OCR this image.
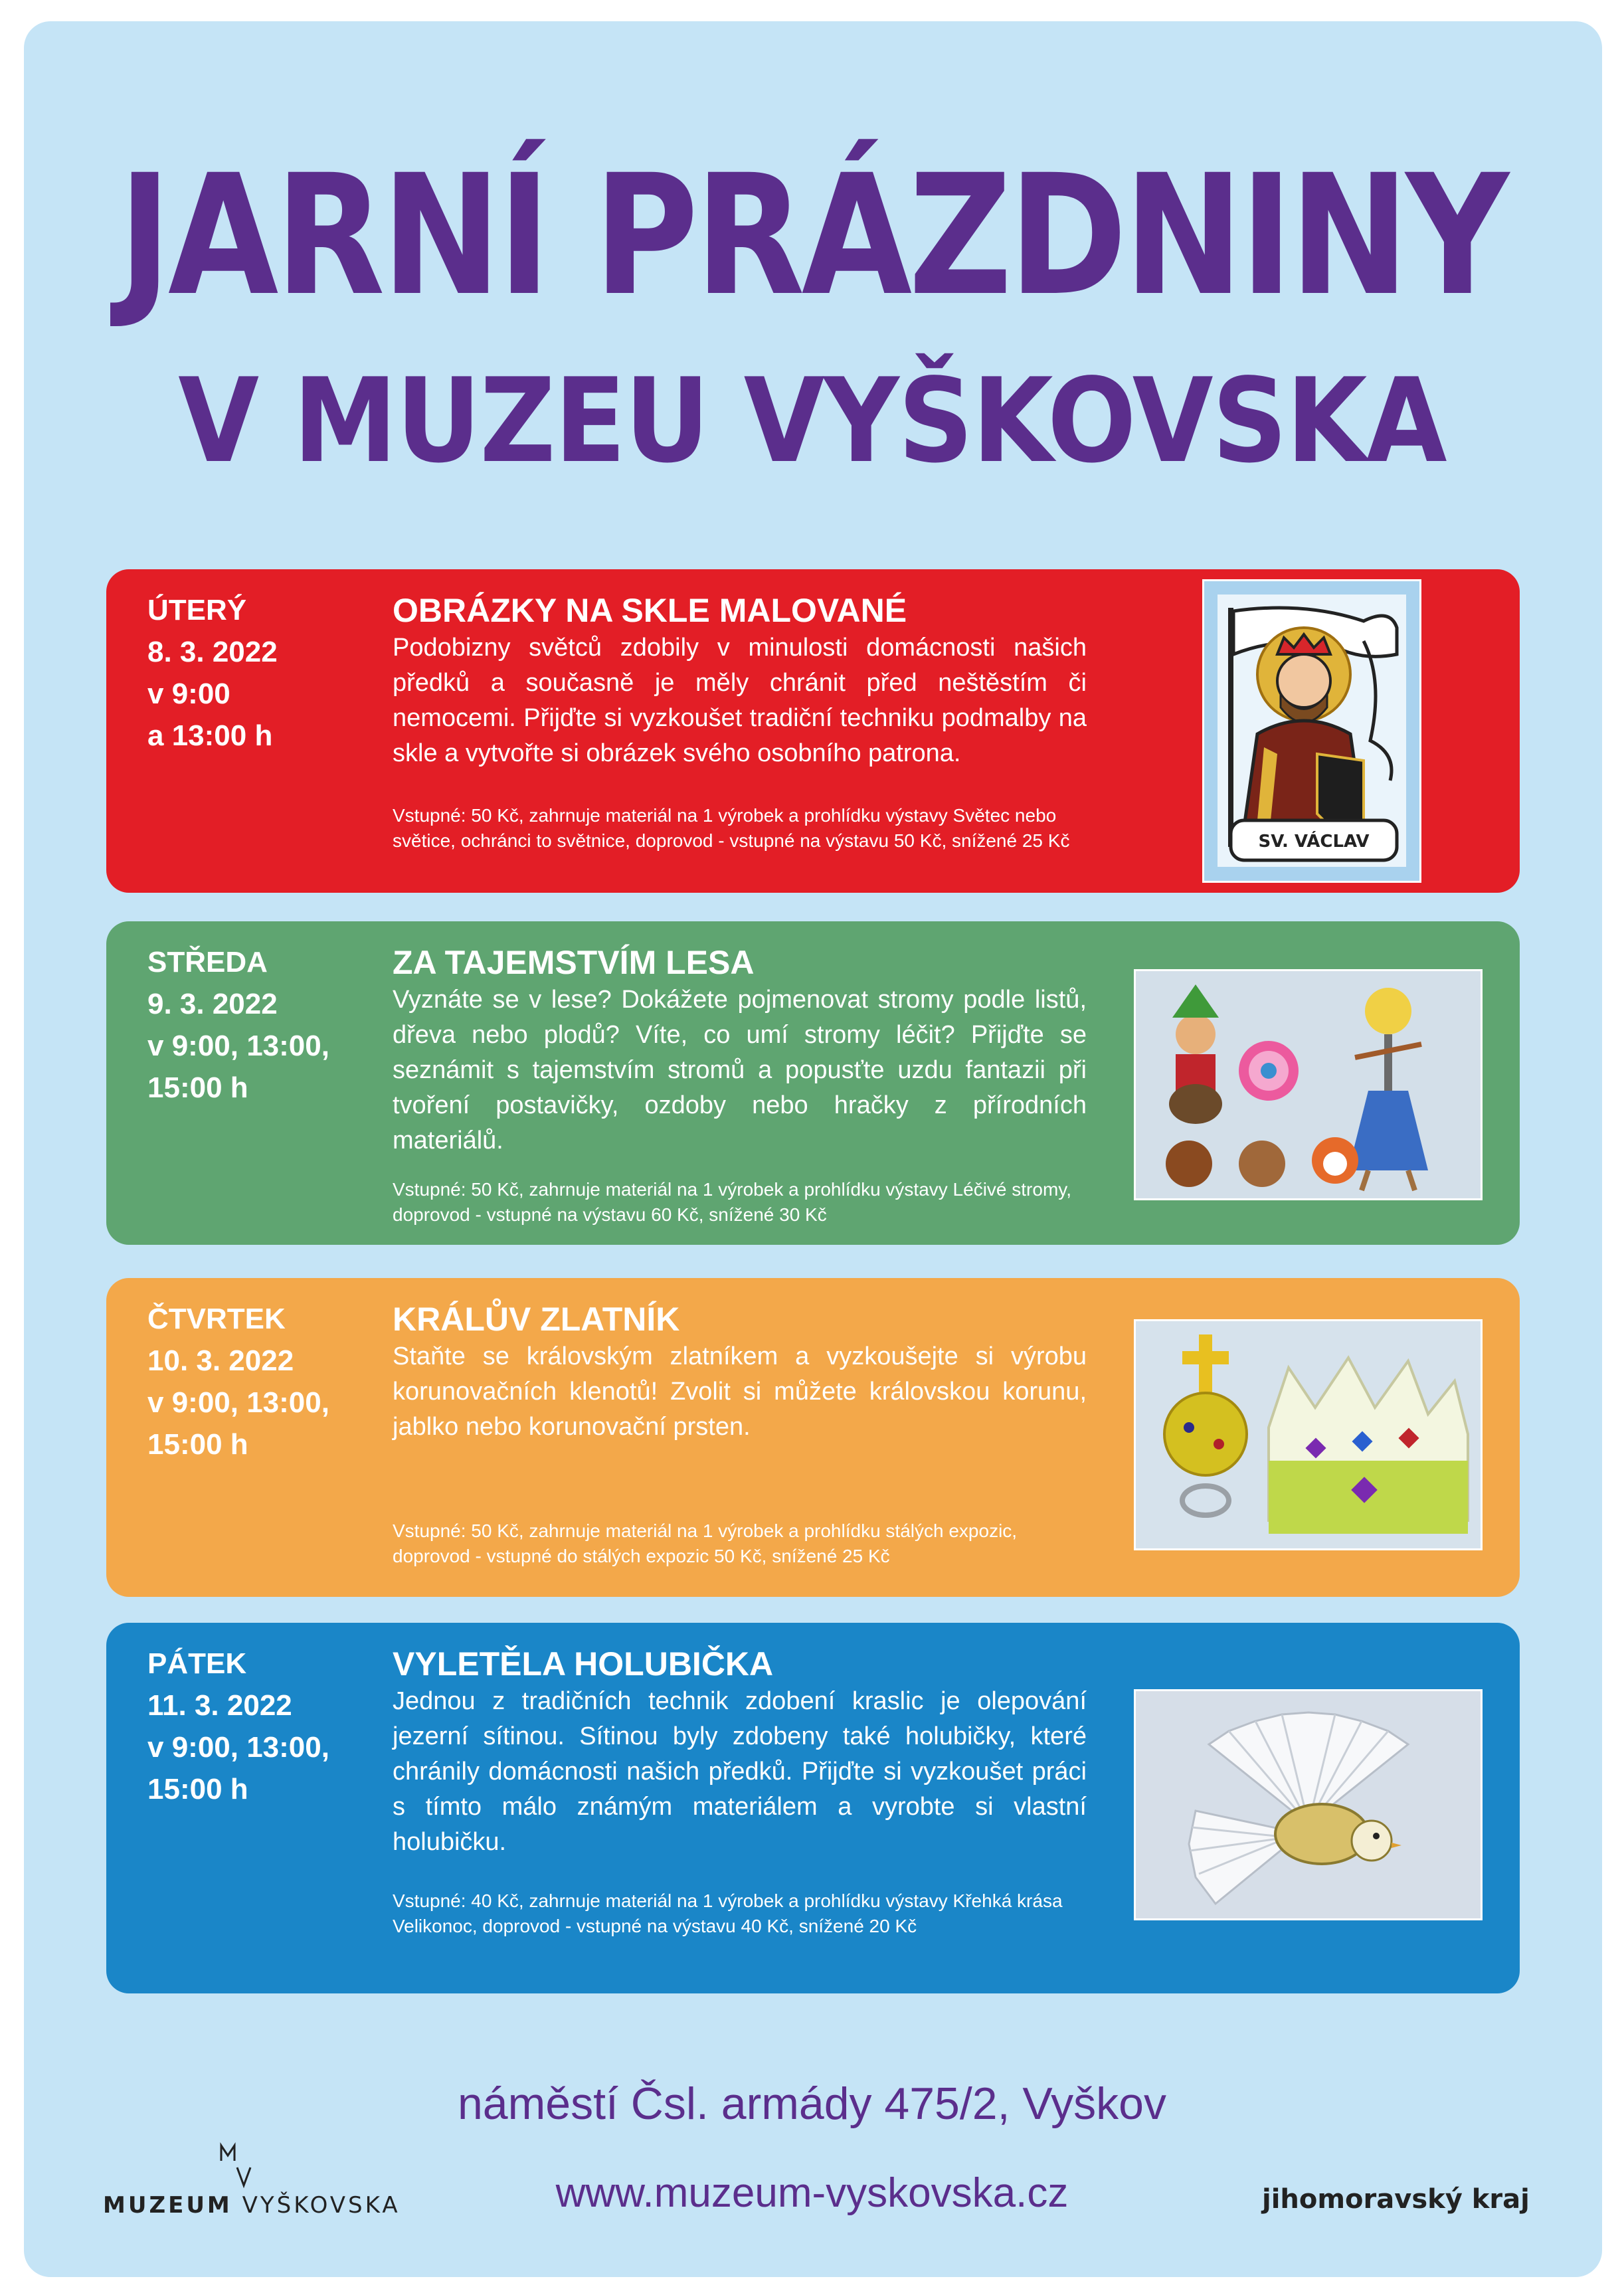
JARNÍ PRÁZDNINY
V MUZEU VYŠKOVSKA
ÚTERÝ
8. 3. 2022
v 9:00
a 13:00 h
OBRÁZKY NA SKLE MALOVANÉ
Podobizny světců zdobily v minulosti domácnosti našich předků a současně je měly chránit před neštěstím či nemocemi. Přijďte si vyzkoušet tradiční techniku podmalby na skle a vytvořte si obrázek svého osobního patrona.
Vstupné: 50 Kč, zahrnuje materiál na 1 výrobek a prohlídku výstavy Světec nebo světice, ochránci to světnice, doprovod - vstupné na výstavu 50 Kč, snížené 25 Kč	SV. VÁCLAV
STŘEDA
9. 3. 2022
v 9:00, 13:00,
15:00 h
ZA TAJEMSTVÍM LESA
Vyznáte se v lese? Dokážete pojmenovat stromy podle listů, dřeva nebo plodů? Víte, co umí stromy léčit? Přijďte se seznámit s tajemstvím stromů a popusťte uzdu fantazii při tvoření postavičky, ozdoby nebo hračky z přírodních materiálů.
Vstupné: 50 Kč, zahrnuje materiál na 1 výrobek a prohlídku výstavy Léčivé stromy, doprovod - vstupné na výstavu 60 Kč, snížené 30 Kč
ČTVRTEK
10. 3. 2022
v 9:00, 13:00,
15:00 h
KRÁLŮV ZLATNÍK
Staňte se královským zlatníkem a vyzkoušejte si výrobu korunovačních klenotů! Zvolit si můžete královskou korunu, jablko nebo korunovační prsten.
Vstupné: 50 Kč, zahrnuje materiál na 1 výrobek a prohlídku stálých expozic, doprovod - vstupné do stálých expozic 50 Kč, snížené 25 Kč
PÁTEK
11. 3. 2022
v 9:00, 13:00,
15:00 h
VYLETĚLA HOLUBIČKA
Jednou z tradičních technik zdobení kraslic je olepování jezerní sítinou. Sítinou byly zdobeny také holubičky, které chránily domácnosti našich předků. Přijďte si vyzkoušet práci s tímto málo známým materiálem a vyrobte si vlastní holubičku.
Vstupné: 40 Kč, zahrnuje materiál na 1 výrobek a prohlídku výstavy Křehká krása Velikonoc, doprovod - vstupné na výstavu 40 Kč, snížené 20 Kč
náměstí Čsl. armády 475/2, Vyškov
www.muzeum-vyskovska.cz
MUZEUM VYŠKOVSKA	jihomoravský kraj
